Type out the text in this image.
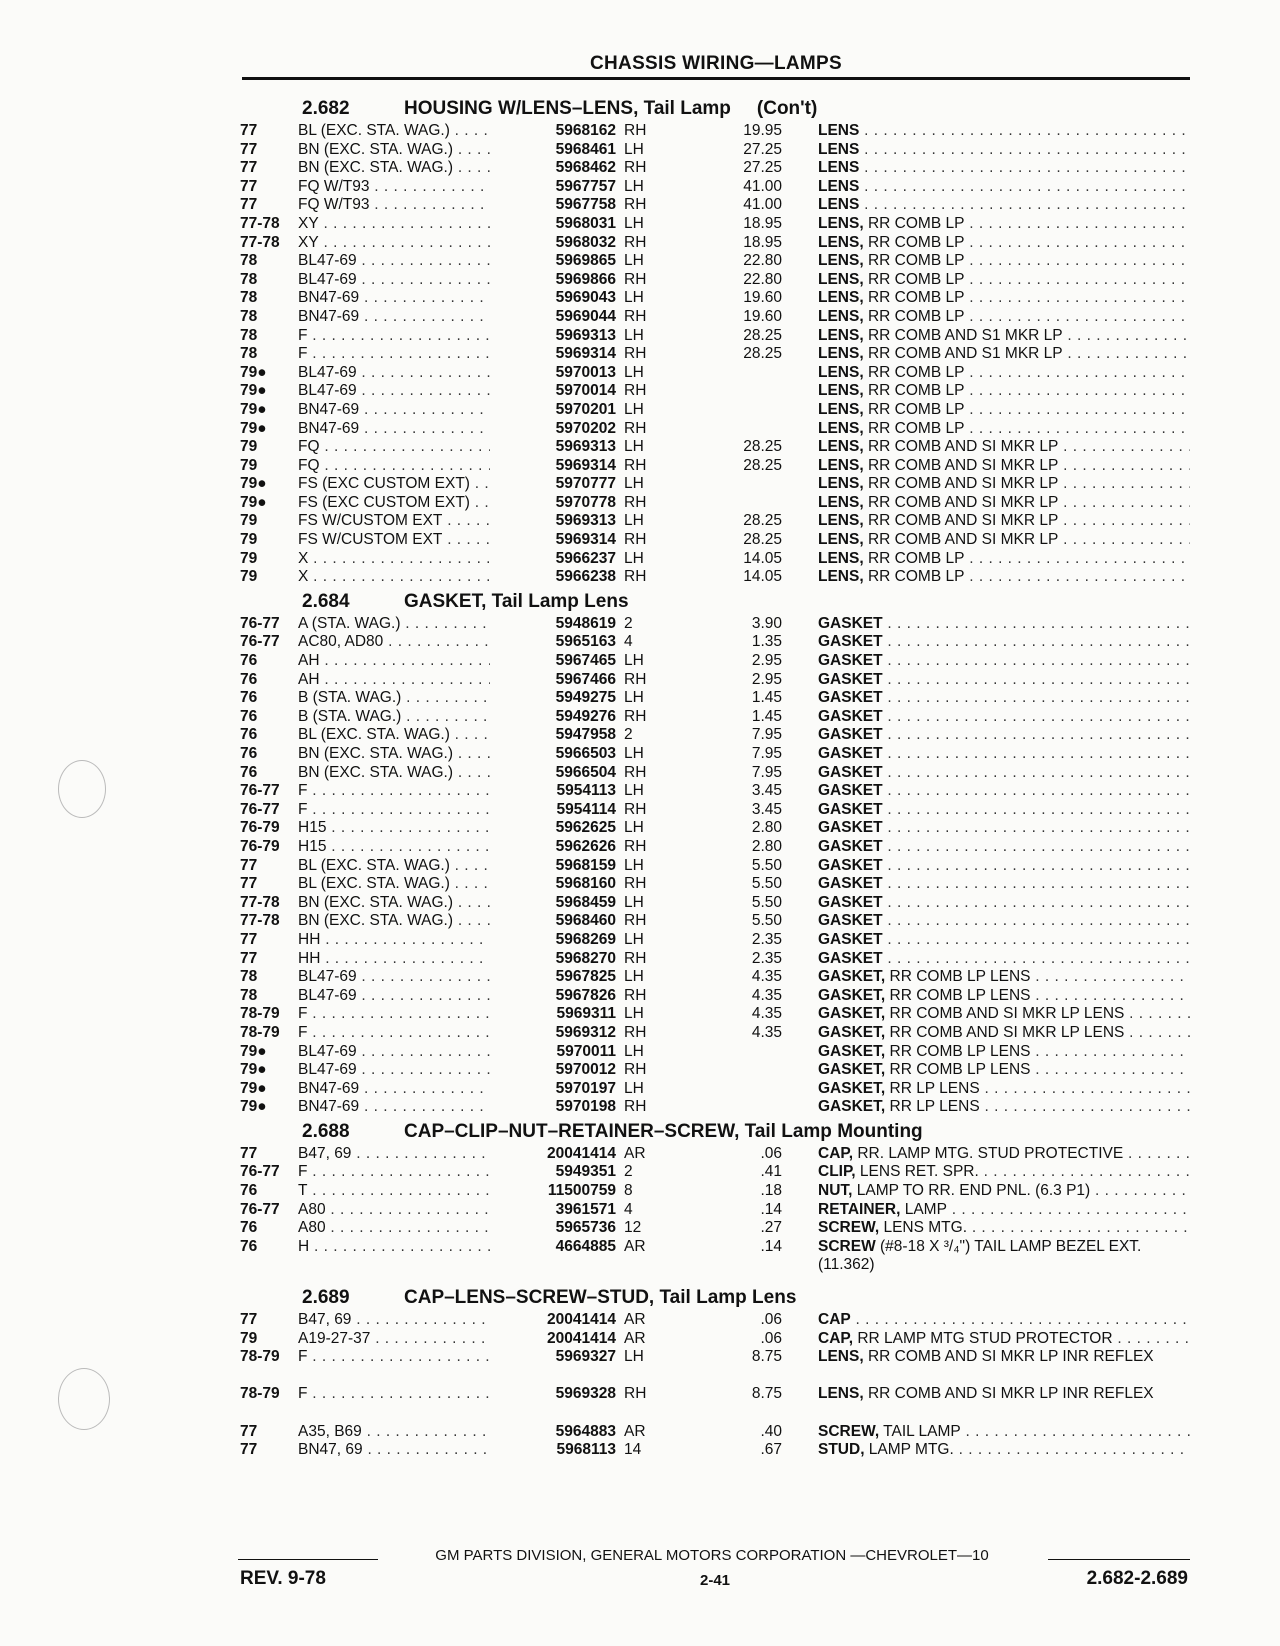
CHASSIS WIRING—LAMPS
2.682	HOUSING W/LENS–LENS, Tail Lamp (Con't)
77	BL (EXC. STA. WAG.) . . .	5968162 RH	19.95 LENS . . .
77	BN (EXC. STA. WAG.) . . .	5968461 LH	27.25 LENS . . .
77	BN (EXC. STA. WAG.) . . .	5968462 RH	27.25 LENS . . .
77	FQ W/T93 . . .	5967757 LH	41.00 LENS . . .
77	FQ W/T93 . . .	5967758 RH	41.00 LENS . . .
77-78	XY . . .	5968031 LH	18.95 LENS, RR COMB LP . . .
77-78	XY . . .	5968032 RH	18.95 LENS, RR COMB LP . . .
78	BL47-69 . . .	5969865 LH	22.80 LENS, RR COMB LP . . .
78	BL47-69 . . .	5969866 RH	22.80 LENS, RR COMB LP . . .
78	BN47-69 . . .	5969043 LH	19.60 LENS, RR COMB LP . . .
78	BN47-69 . . .	5969044 RH	19.60 LENS, RR COMB LP . . .
78	F . . .	5969313 LH	28.25 LENS, RR COMB AND S1 MKR LP . . .
78	F . . .	5969314 RH	28.25 LENS, RR COMB AND S1 MKR LP . . .
79●	BL47-69 . . .	5970013 LH	LENS, RR COMB LP . . .
79●	BL47-69 . . .	5970014 RH	LENS, RR COMB LP . . .
79●	BN47-69 . . .	5970201 LH	LENS, RR COMB LP . . .
79●	BN47-69 . . .	5970202 RH	LENS, RR COMB LP . . .
79	FQ . . .	5969313 LH	28.25 LENS, RR COMB AND SI MKR LP . . .
79	FQ . . .	5969314 RH	28.25 LENS, RR COMB AND SI MKR LP . . .
79●	FS (EXC CUSTOM EXT) . . .	5970777 LH	LENS, RR COMB AND SI MKR LP . . .
79●	FS (EXC CUSTOM EXT) . . .	5970778 RH	LENS, RR COMB AND SI MKR LP . . .
79	FS W/CUSTOM EXT . . .	5969313 LH	28.25 LENS, RR COMB AND SI MKR LP . . .
79	FS W/CUSTOM EXT . . .	5969314 RH	28.25 LENS, RR COMB AND SI MKR LP . . .
79	X . . .	5966237 LH	14.05 LENS, RR COMB LP . . .
79	X . . .	5966238 RH	14.05 LENS, RR COMB LP . . .
2.684	GASKET, Tail Lamp Lens
76-77	A (STA. WAG.) . . .	5948619 2	3.90 GASKET . . .
76-77	AC80, AD80 . . .	5965163 4	1.35 GASKET . . .
76	AH . . .	5967465 LH	2.95 GASKET . . .
76	AH . . .	5967466 RH	2.95 GASKET . . .
76	B (STA. WAG.) . . .	5949275 LH	1.45 GASKET . . .
76	B (STA. WAG.) . . .	5949276 RH	1.45 GASKET . . .
76	BL (EXC. STA. WAG.) . . .	5947958 2	7.95 GASKET . . .
76	BN (EXC. STA. WAG.) . . .	5966503 LH	7.95 GASKET . . .
76	BN (EXC. STA. WAG.) . . .	5966504 RH	7.95 GASKET . . .
76-77	F . . .	5954113 LH	3.45 GASKET . . .
76-77	F . . .	5954114 RH	3.45 GASKET . . .
76-79	H15 . . .	5962625 LH	2.80 GASKET . . .
76-79	H15 . . .	5962626 RH	2.80 GASKET . . .
77	BL (EXC. STA. WAG.) . . .	5968159 LH	5.50 GASKET . . .
77	BL (EXC. STA. WAG.) . . .	5968160 RH	5.50 GASKET . . .
77-78	BN (EXC. STA. WAG.) . . .	5968459 LH	5.50 GASKET . . .
77-78	BN (EXC. STA. WAG.) . . .	5968460 RH	5.50 GASKET . . .
77	HH . . .	5968269 LH	2.35 GASKET . . .
77	HH . . .	5968270 RH	2.35 GASKET . . .
78	BL47-69 . . .	5967825 LH	4.35 GASKET, RR COMB LP LENS . . .
78	BL47-69 . . .	5967826 RH	4.35 GASKET, RR COMB LP LENS . . .
78-79	F . . .	5969311 LH	4.35 GASKET, RR COMB AND SI MKR LP LENS . . .
78-79	F . . .	5969312 RH	4.35 GASKET, RR COMB AND SI MKR LP LENS . . .
79●	BL47-69 . . .	5970011 LH	GASKET, RR COMB LP LENS . . .
79●	BL47-69 . . .	5970012 RH	GASKET, RR COMB LP LENS . . .
79●	BN47-69 . . .	5970197 LH	GASKET, RR LP LENS . . .
79●	BN47-69 . . .	5970198 RH	GASKET, RR LP LENS . . .
2.688	CAP–CLIP–NUT–RETAINER–SCREW, Tail Lamp Mounting
77	B47, 69 . . .	20041414 AR	.06 CAP, RR. LAMP MTG. STUD PROTECTIVE . . .
76-77	F . . .	5949351 2	.41 CLIP, LENS RET. SPR. . . .
76	T . . .	11500759 8	.18 NUT, LAMP TO RR. END PNL. (6.3 P1) . . .
76-77	A80 . . .	3961571 4	.14 RETAINER, LAMP . . .
76	A80 . . .	5965736 12	.27 SCREW, LENS MTG. . . .
76	H . . .	4664885 AR	.14 SCREW (#8-18 X ³/₄") TAIL LAMP BEZEL EXT. (11.362)
2.689	CAP–LENS–SCREW–STUD, Tail Lamp Lens
77	B47, 69 . . .	20041414 AR	.06 CAP . . .
79	A19-27-37 . . .	20041414 AR	.06 CAP, RR LAMP MTG STUD PROTECTOR . . .
78-79	F . . .	5969327 LH	8.75 LENS, RR COMB AND SI MKR LP INR REFLEX
78-79	F . . .	5969328 RH	8.75 LENS, RR COMB AND SI MKR LP INR REFLEX
77	A35, B69 . . .	5964883 AR	.40 SCREW, TAIL LAMP . . .
77	BN47, 69 . . .	5968113 14	.67 STUD, LAMP MTG. . . .
GM PARTS DIVISION, GENERAL MOTORS CORPORATION —CHEVROLET—10
REV. 9-78	2-41	2.682-2.689
